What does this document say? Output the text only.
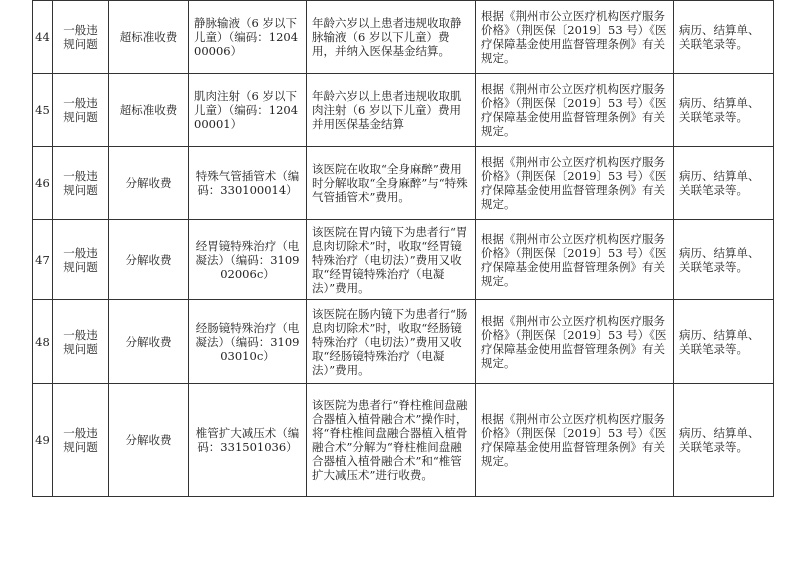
44	一般违规问题	超标准收费	静脉输液（6 岁以下儿童）（编码：120400006）	年龄六岁以上患者违规收取静脉输液（6 岁以下儿童）费用，并纳入医保基金结算。	根据《荆州市公立医疗机构医疗服务价格》（荆医保〔2019〕53 号）《医疗保障基金使用监督管理条例》有关规定。	病历、结算单、关联笔录等。
45	一般违规问题	超标准收费	肌肉注射（6 岁以下儿童）（编码：120400001）	年龄六岁以上患者违规收取肌肉注射（6 岁以下儿童）费用并用医保基金结算	根据《荆州市公立医疗机构医疗服务价格》（荆医保〔2019〕53 号）《医疗保障基金使用监督管理条例》有关规定。	病历、结算单、关联笔录等。
46	一般违规问题	分解收费	特殊气管插管术（编码：330100014）	该医院在收取“全身麻醉”费用时分解收取“全身麻醉”与“特殊气管插管术”费用。	根据《荆州市公立医疗机构医疗服务价格》（荆医保〔2019〕53 号）《医疗保障基金使用监督管理条例》有关规定。	病历、结算单、关联笔录等。
47	一般违规问题	分解收费	经胃镜特殊治疗（电凝法）（编码：310902006c）	该医院在胃内镜下为患者行“胃息肉切除术”时，收取“经胃镜特殊治疗（电切法）”费用又收取“经胃镜特殊治疗（电凝法）”费用。	根据《荆州市公立医疗机构医疗服务价格》（荆医保〔2019〕53 号）《医疗保障基金使用监督管理条例》有关规定。	病历、结算单、关联笔录等。
48	一般违规问题	分解收费	经肠镜特殊治疗（电凝法）（编码：310903010c）	该医院在肠内镜下为患者行“肠息肉切除术”时，收取“经肠镜特殊治疗（电切法）”费用又收取“经肠镜特殊治疗（电凝法）”费用。	根据《荆州市公立医疗机构医疗服务价格》（荆医保〔2019〕53 号）《医疗保障基金使用监督管理条例》有关规定。	病历、结算单、关联笔录等。
49	一般违规问题	分解收费	椎管扩大减压术（编码：331501036）	该医院为患者行“脊柱椎间盘融合器植入植骨融合术”操作时，将“脊柱椎间盘融合器植入植骨融合术”分解为“脊柱椎间盘融合器植入植骨融合术”和“椎管扩大减压术”进行收费。	根据《荆州市公立医疗机构医疗服务价格》（荆医保〔2019〕53 号）《医疗保障基金使用监督管理条例》有关规定。	病历、结算单、关联笔录等。
